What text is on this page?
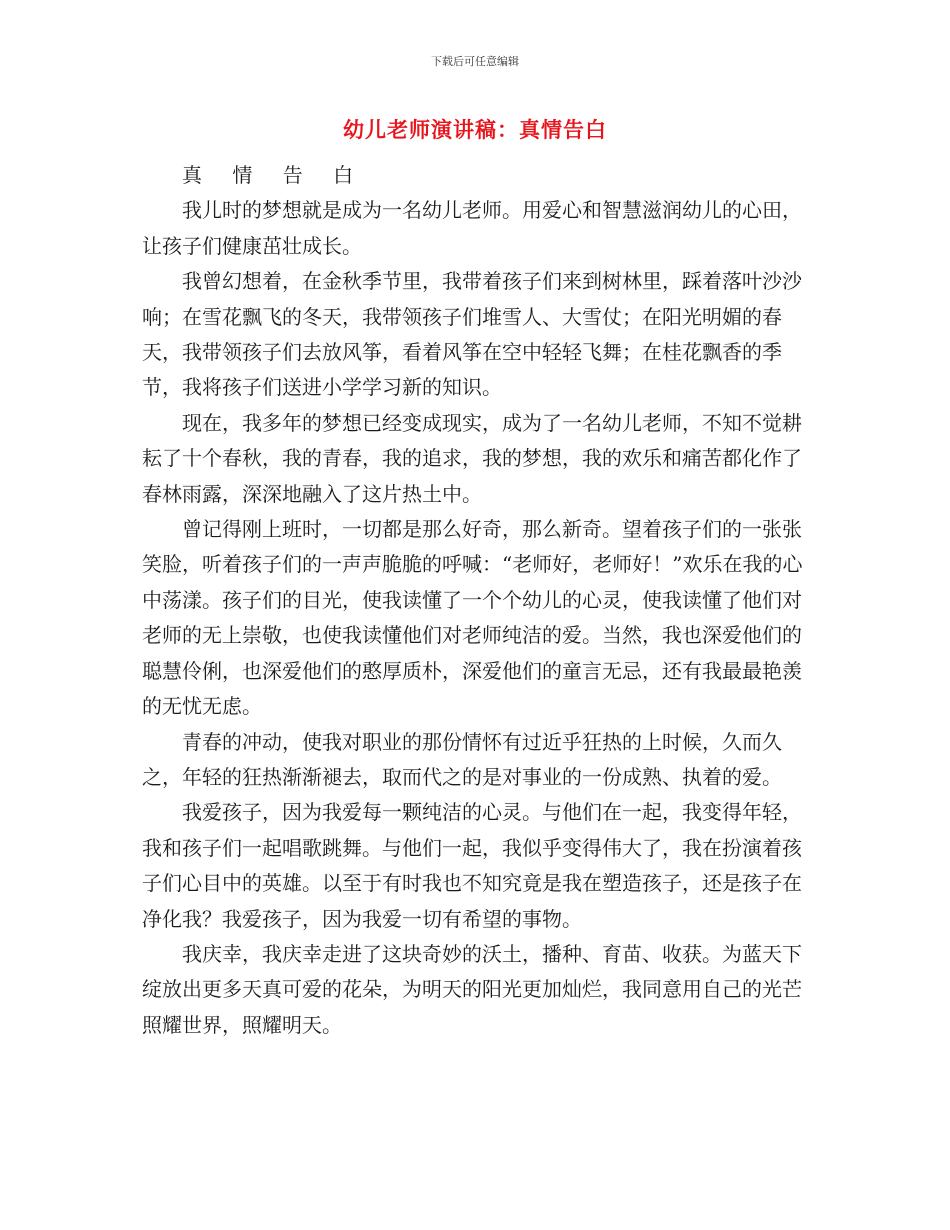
下载后可任意编辑
幼儿老师演讲稿：真情告白

真 情 告 白

我儿时的梦想就是成为一名幼儿老师。用爱心和智慧滋润幼儿的心田，让孩子们健康茁壮成长。

我曾幻想着，在金秋季节里，我带着孩子们来到树林里，踩着落叶沙沙响；在雪花飘飞的冬天，我带领孩子们堆雪人、大雪仗；在阳光明媚的春天，我带领孩子们去放风筝，看着风筝在空中轻轻飞舞；在桂花飘香的季节，我将孩子们送进小学学习新的知识。

现在，我多年的梦想已经变成现实，成为了一名幼儿老师，不知不觉耕耘了十个春秋，我的青春，我的追求，我的梦想，我的欢乐和痛苦都化作了春林雨露，深深地融入了这片热土中。

曾记得刚上班时，一切都是那么好奇，那么新奇。望着孩子们的一张张笑脸，听着孩子们的一声声脆脆的呼喊：“老师好，老师好！”欢乐在我的心中荡漾。孩子们的目光，使我读懂了一个个幼儿的心灵，使我读懂了他们对老师的无上崇敬，也使我读懂他们对老师纯洁的爱。当然，我也深爱他们的聪慧伶俐，也深爱他们的憨厚质朴，深爱他们的童言无忌，还有我最最艳羡的无忧无虑。

青春的冲动，使我对职业的那份情怀有过近乎狂热的上时候，久而久之，年轻的狂热渐渐褪去，取而代之的是对事业的一份成熟、执着的爱。

我爱孩子，因为我爱每一颗纯洁的心灵。与他们在一起，我变得年轻，我和孩子们一起唱歌跳舞。与他们一起，我似乎变得伟大了，我在扮演着孩子们心目中的英雄。以至于有时我也不知究竟是我在塑造孩子，还是孩子在净化我？我爱孩子，因为我爱一切有希望的事物。

我庆幸，我庆幸走进了这块奇妙的沃土，播种、育苗、收获。为蓝天下绽放出更多天真可爱的花朵，为明天的阳光更加灿烂，我同意用自己的光芒照耀世界，照耀明天。
